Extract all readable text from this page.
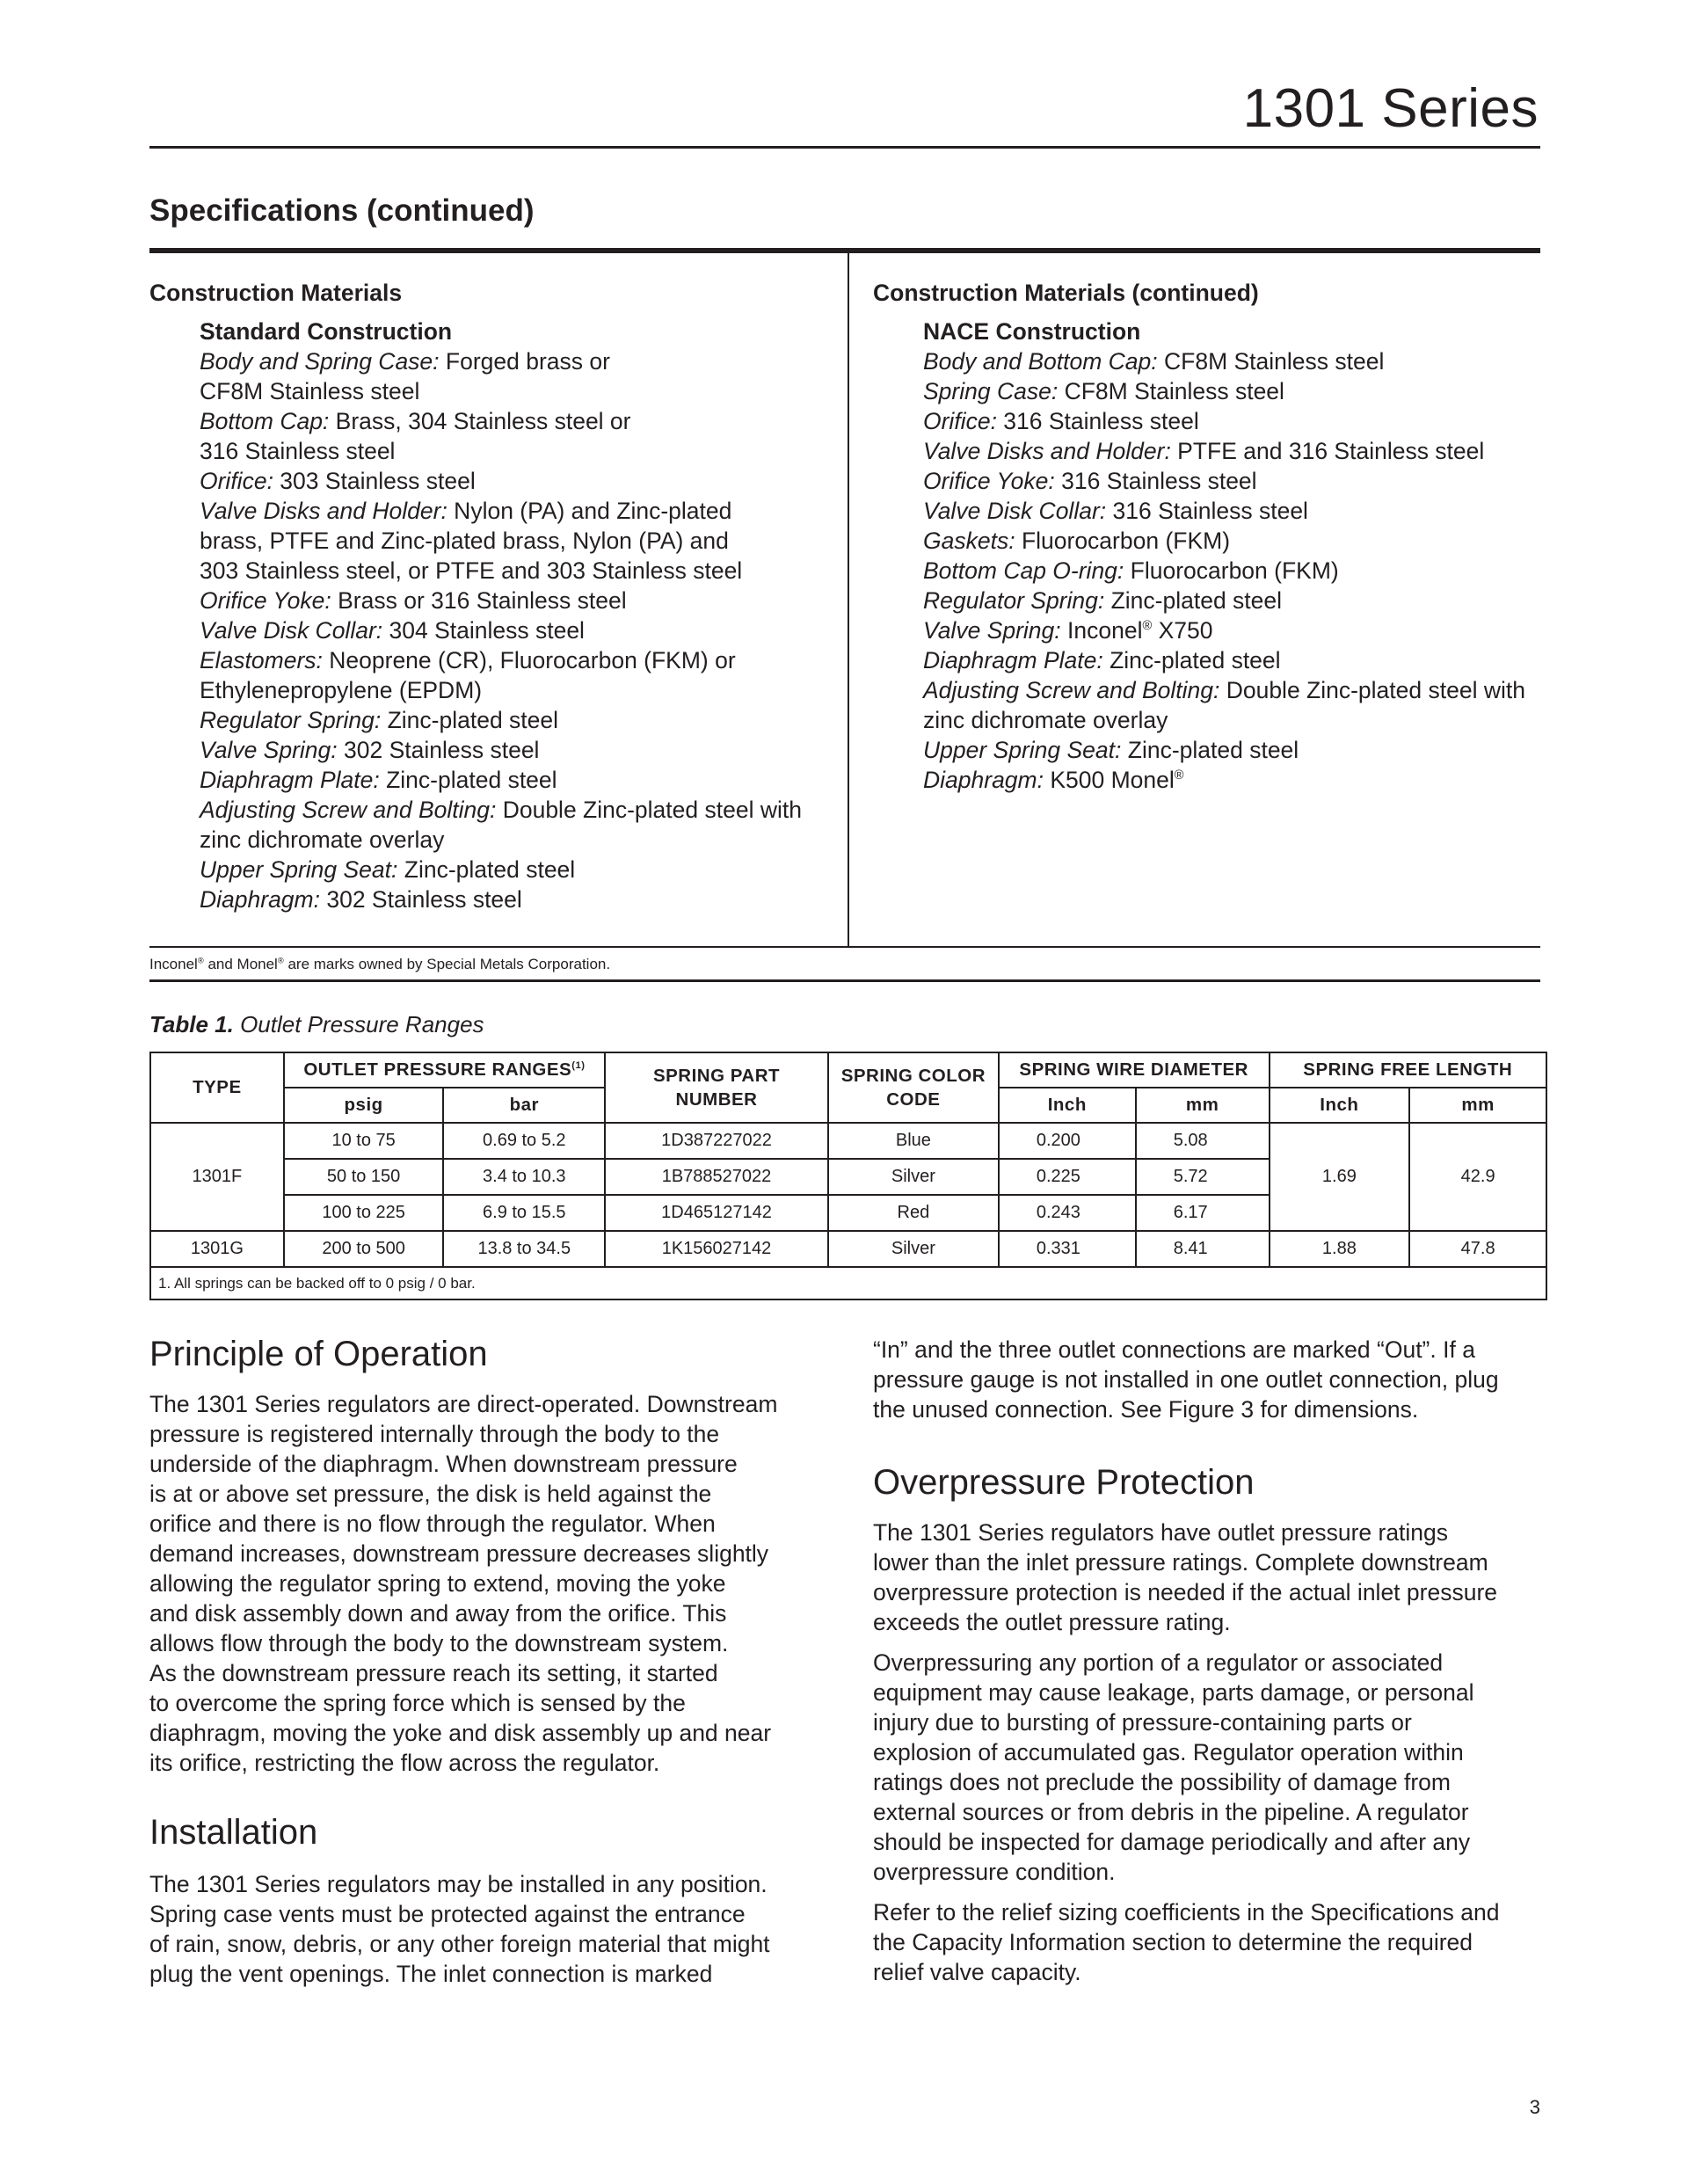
1301 Series
Specifications (continued)
Construction Materials
Standard Construction
Body and Spring Case: Forged brass or
CF8M Stainless steel
Bottom Cap: Brass, 304 Stainless steel or
316 Stainless steel
Orifice: 303 Stainless steel
Valve Disks and Holder: Nylon (PA) and Zinc-plated
brass, PTFE and Zinc-plated brass, Nylon (PA) and
303 Stainless steel, or PTFE and 303 Stainless steel
Orifice Yoke: Brass or 316 Stainless steel
Valve Disk Collar: 304 Stainless steel
Elastomers: Neoprene (CR), Fluorocarbon (FKM) or
Ethylenepropylene (EPDM)
Regulator Spring: Zinc-plated steel
Valve Spring: 302 Stainless steel
Diaphragm Plate: Zinc-plated steel
Adjusting Screw and Bolting: Double Zinc-plated steel with
zinc dichromate overlay
Upper Spring Seat: Zinc-plated steel
Diaphragm: 302 Stainless steel
Construction Materials (continued)
NACE Construction
Body and Bottom Cap: CF8M Stainless steel
Spring Case: CF8M Stainless steel
Orifice: 316 Stainless steel
Valve Disks and Holder: PTFE and 316 Stainless steel
Orifice Yoke: 316 Stainless steel
Valve Disk Collar: 316 Stainless steel
Gaskets: Fluorocarbon (FKM)
Bottom Cap O-ring: Fluorocarbon (FKM)
Regulator Spring: Zinc-plated steel
Valve Spring: Inconel® X750
Diaphragm Plate: Zinc-plated steel
Adjusting Screw and Bolting: Double Zinc-plated steel with
zinc dichromate overlay
Upper Spring Seat: Zinc-plated steel
Diaphragm: K500 Monel®
Inconel® and Monel® are marks owned by Special Metals Corporation.
Table 1. Outlet Pressure Ranges
TYPE	OUTLET PRESSURE RANGES$^{(1)}$		SPRING PART NUMBER	SPRING COLOR CODE	SPRING WIRE DIAMETER		SPRING FREE LENGTH	
	psig	bar			Inch	mm	Inch	mm
1301F	10 to 75	0.69 to 5.2	1D387227022	Blue	0.200	5.08	1.69	42.9
	50 to 150	3.4 to 10.3	1B788527022	Silver	0.225	5.72		
	100 to 225	6.9 to 15.5	1D465127142	Red	0.243	6.17		
1301G	200 to 500	13.8 to 34.5	1K156027142	Silver	0.331	8.41	1.88	47.8
1. All springs can be backed off to 0 psig / 0 bar.								
Principle of Operation
The 1301 Series regulators are direct-operated. Downstream
pressure is registered internally through the body to the
underside of the diaphragm. When downstream pressure
is at or above set pressure, the disk is held against the
orifice and there is no flow through the regulator. When
demand increases, downstream pressure decreases slightly
allowing the regulator spring to extend, moving the yoke
and disk assembly down and away from the orifice. This
allows flow through the body to the downstream system.
As the downstream pressure reach its setting, it started
to overcome the spring force which is sensed by the
diaphragm, moving the yoke and disk assembly up and near
its orifice, restricting the flow across the regulator.
Installation
The 1301 Series regulators may be installed in any position.
Spring case vents must be protected against the entrance
of rain, snow, debris, or any other foreign material that might
plug the vent openings. The inlet connection is marked
“In” and the three outlet connections are marked “Out”. If a
pressure gauge is not installed in one outlet connection, plug
the unused connection. See Figure 3 for dimensions.
Overpressure Protection
The 1301 Series regulators have outlet pressure ratings
lower than the inlet pressure ratings. Complete downstream
overpressure protection is needed if the actual inlet pressure
exceeds the outlet pressure rating.
Overpressuring any portion of a regulator or associated
equipment may cause leakage, parts damage, or personal
injury due to bursting of pressure-containing parts or
explosion of accumulated gas. Regulator operation within
ratings does not preclude the possibility of damage from
external sources or from debris in the pipeline. A regulator
should be inspected for damage periodically and after any
overpressure condition.
Refer to the relief sizing coefficients in the Specifications and
the Capacity Information section to determine the required
relief valve capacity.
3
